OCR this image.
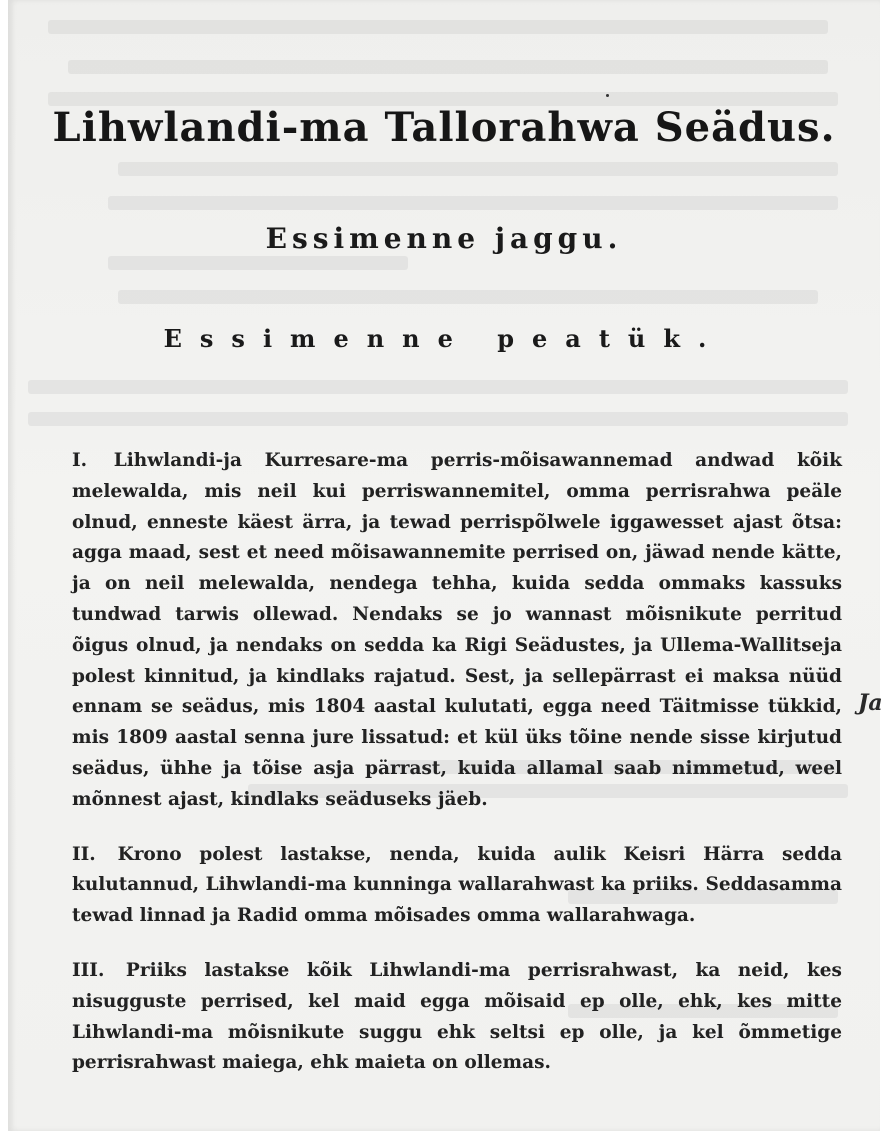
Lihwlandi-ma Tallorahwa Seädus.
Essimenne jaggu.
Essimenne peatük.

I. Lihwlandi-ja Kurresare-ma perris-mõisawannemad andwad kõik melewalda, mis neil kui perriswannemitel, omma perrisrahwa peäle olnud, enneste käest ärra, ja tewad perrispõlwele iggawesset ajast õtsa: agga maad, sest et need mõisawannemite perrised on, jäwad nende kätte, ja on neil melewalda, nendega tehha, kuida sedda ommaks kassuks tundwad tarwis ollewad. Nendaks se jo wannast mõisnikute perritud õigus olnud, ja nendaks on sedda ka Rigi Seädustes, ja Ullema-Wallitseja polest kinnitud, ja kindlaks rajatud. Sest, ja sellepärrast ei maksa nüüd ennam se seädus, mis 1804 aastal kulutati, egga need Täitmisse tükkid, mis 1809 aastal senna jure lissatud: et kül üks tõine nende sisse kirjutud seädus, ühhe ja tõise asja pärrast, kuida allamal saab nimmetud, weel mõnnest ajast, kindlaks seäduseks jäeb.

II. Krono polest lastakse, nenda, kuida aulik Keisri Härra sedda kulutannud, Lihwlandi-ma kunninga wallarahwast ka priiks. Seddasamma tewad linnad ja Radid omma mõisades omma wallarahwaga.

III. Priiks lastakse kõik Lihwlandi-ma perrisrahwast, ka neid, kes nisugguste perrised, kel maid egga mõisaid ep olle, ehk, kes mitte Lihwlandi-ma mõisnikute suggu ehk seltsi ep olle, ja kel õmmetige perrisrahwast maiega, ehk maieta on ollemas.

Ja
